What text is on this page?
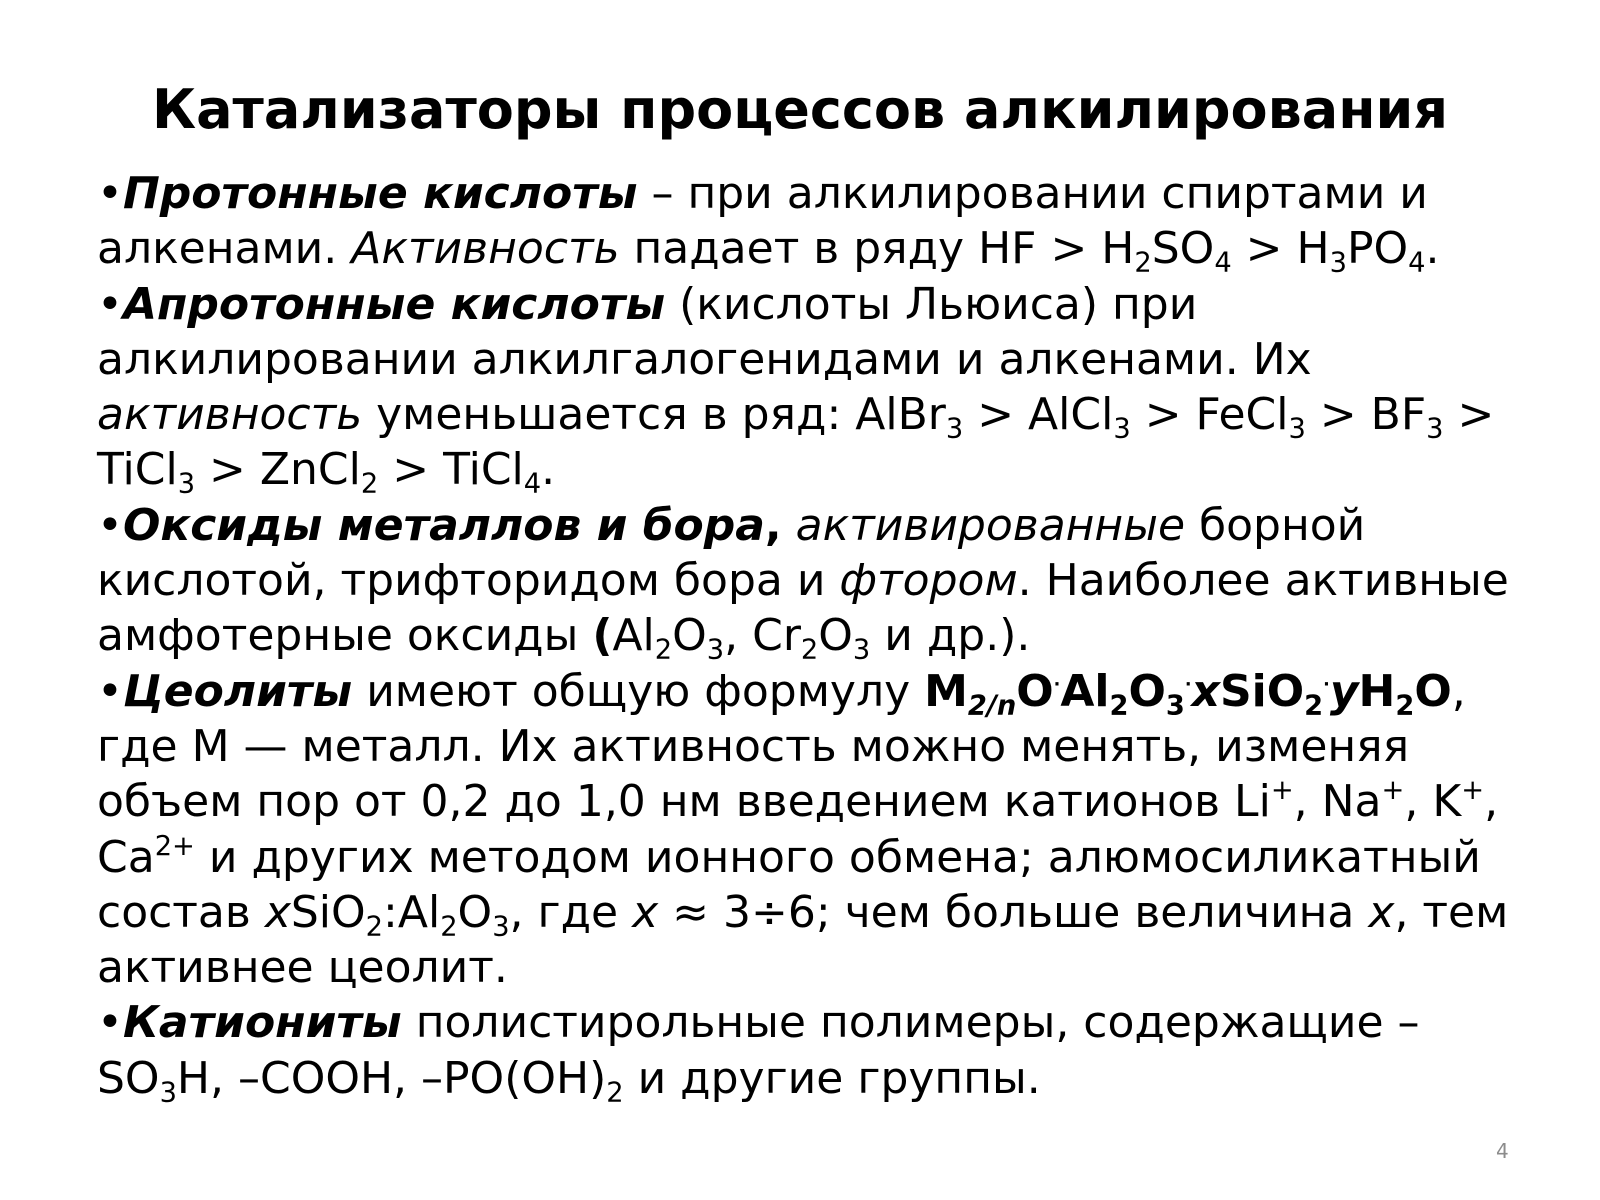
Катализаторы процессов алкилирования

•Протонные кислоты – при алкилировании спиртами и алкенами. Активность падает в ряду HF > $H_2SO_4 > H_3PO_4$.

•Апротонные кислоты (кислоты Льюиса) при алкилировании алкилгалогенидами и алкенами. Их активность уменьшается в ряд: AlBr$_3$ > AlCl$_3$ > FeCl$_3$ > $BF_3$ > TiCl$_3$ > ZnCl$_2$ > TiCl$_4$.

•Оксиды металлов и бора, активированные борной кислотой, трифторидом бора и фтором. Наиболее активные амфотерные оксиды ($Al_2O_3$, $Cr_2O_3$ и др.).

•Цеолиты имеют общую формулу $M_{2/n}O^\cdot Al_2O_3^\cdot xSiO_2^\cdot yH_2O$, где М — металл. Их активность можно менять, изменяя объем пор от 0,2 до 1,0 нм введением катионов Li+, Na+, K+, $Ca^{2+}$ и других методом ионного обмена; алюмосиликатный состав $xSiO_2:Al_2O_3$, где x ≈ 3÷6; чем больше величина x, тем активнее цеолит.

•Катиониты полистирольные полимеры, содержащие $-SO_3H$, –COOH, $-PO(OH)_2$ и другие группы.

4
